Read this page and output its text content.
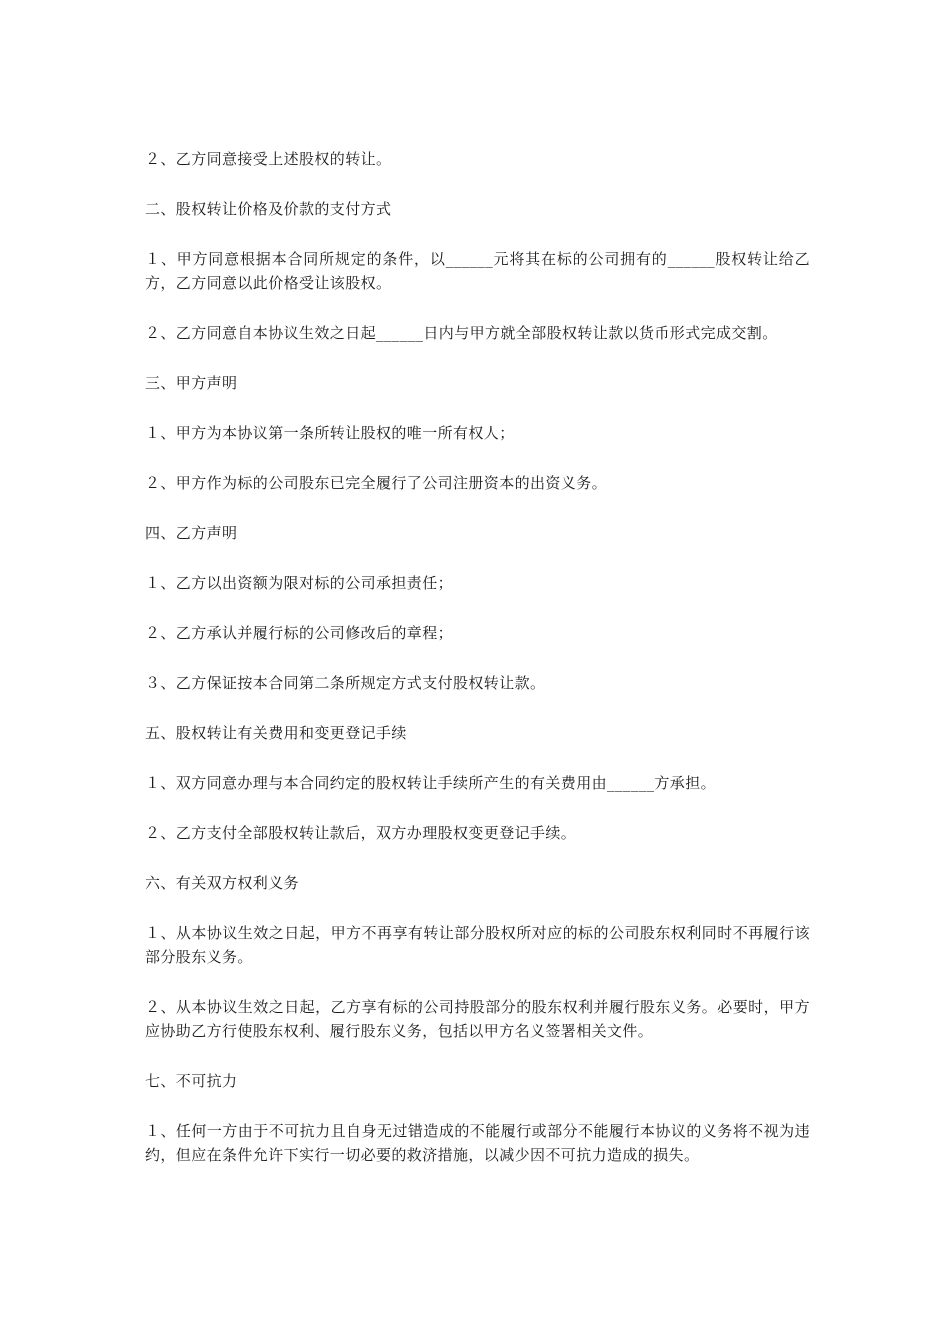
２、乙方同意接受上述股权的转让。

二、股权转让价格及价款的支付方式

１、甲方同意根据本合同所规定的条件，以______元将其在标的公司拥有的______股权转让给乙方，乙方同意以此价格受让该股权。

２、乙方同意自本协议生效之日起______日内与甲方就全部股权转让款以货币形式完成交割。

三、甲方声明

１、甲方为本协议第一条所转让股权的唯一所有权人；

２、甲方作为标的公司股东已完全履行了公司注册资本的出资义务。

四、乙方声明

１、乙方以出资额为限对标的公司承担责任；

２、乙方承认并履行标的公司修改后的章程；

３、乙方保证按本合同第二条所规定方式支付股权转让款。

五、股权转让有关费用和变更登记手续

１、双方同意办理与本合同约定的股权转让手续所产生的有关费用由______方承担。

２、乙方支付全部股权转让款后，双方办理股权变更登记手续。

六、有关双方权利义务

１、从本协议生效之日起，甲方不再享有转让部分股权所对应的标的公司股东权利同时不再履行该部分股东义务。

２、从本协议生效之日起，乙方享有标的公司持股部分的股东权利并履行股东义务。必要时，甲方应协助乙方行使股东权利、履行股东义务，包括以甲方名义签署相关文件。

七、不可抗力

１、任何一方由于不可抗力且自身无过错造成的不能履行或部分不能履行本协议的义务将不视为违约，但应在条件允许下实行一切必要的救济措施，以减少因不可抗力造成的损失。
